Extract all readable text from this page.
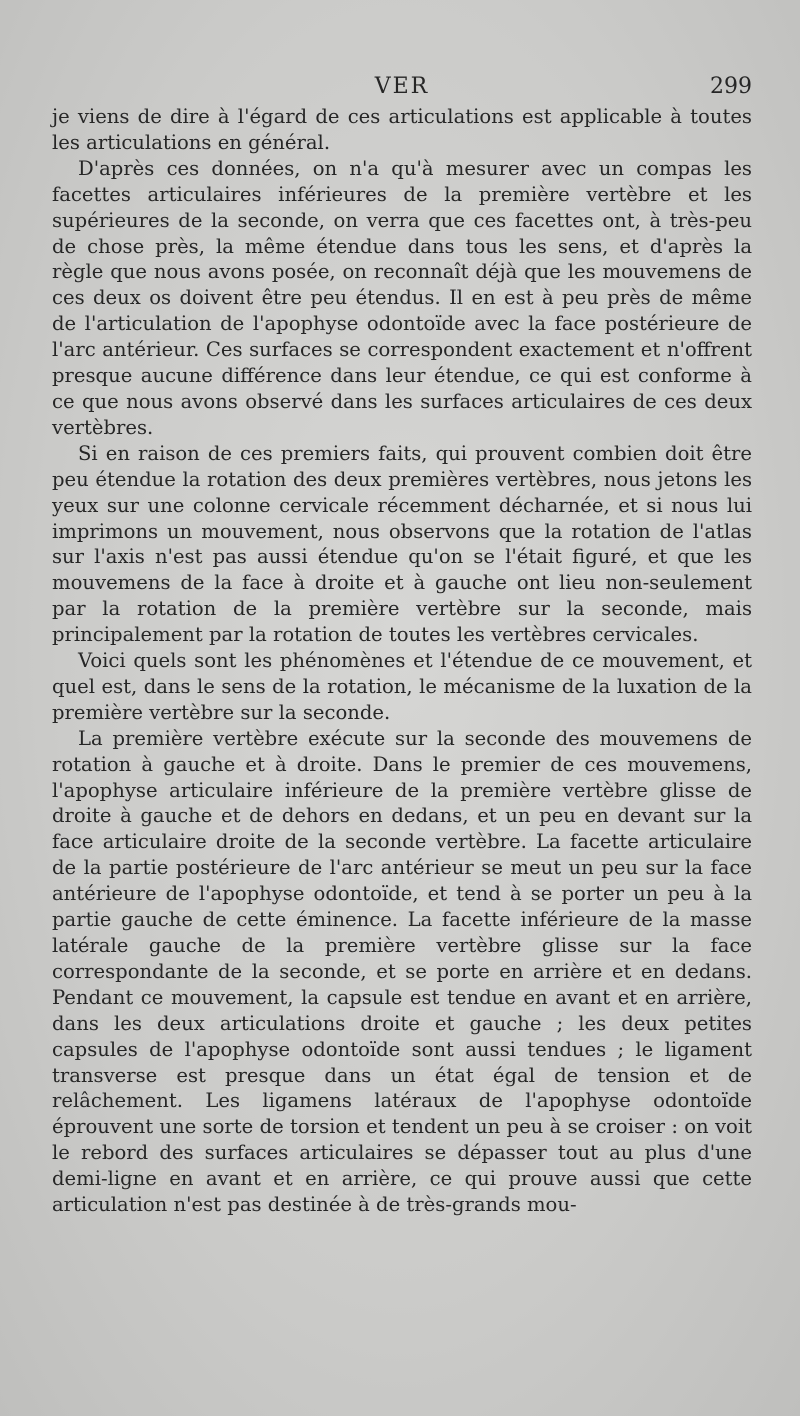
VER	299

je viens de dire à l'égard de ces articulations est applicable à toutes les articulations en général.

D'après ces données, on n'a qu'à mesurer avec un compas les facettes articulaires inférieures de la première vertèbre et les supérieures de la seconde, on verra que ces facettes ont, à très-peu de chose près, la même étendue dans tous les sens, et d'après la règle que nous avons posée, on reconnaît déjà que les mouvemens de ces deux os doivent être peu étendus. Il en est à peu près de même de l'articulation de l'apophyse odontoïde avec la face postérieure de l'arc antérieur. Ces surfaces se correspondent exactement et n'offrent presque aucune différence dans leur étendue, ce qui est conforme à ce que nous avons observé dans les surfaces articulaires de ces deux vertèbres.

Si en raison de ces premiers faits, qui prouvent combien doit être peu étendue la rotation des deux premières vertèbres, nous jetons les yeux sur une colonne cervicale récemment décharnée, et si nous lui imprimons un mouvement, nous observons que la rotation de l'atlas sur l'axis n'est pas aussi étendue qu'on se l'était figuré, et que les mouvemens de la face à droite et à gauche ont lieu non-seulement par la rotation de la première vertèbre sur la seconde, mais principalement par la rotation de toutes les vertèbres cervicales.

Voici quels sont les phénomènes et l'étendue de ce mouvement, et quel est, dans le sens de la rotation, le mécanisme de la luxation de la première vertèbre sur la seconde.

La première vertèbre exécute sur la seconde des mouvemens de rotation à gauche et à droite. Dans le premier de ces mouvemens, l'apophyse articulaire inférieure de la première vertèbre glisse de droite à gauche et de dehors en dedans, et un peu en devant sur la face articulaire droite de la seconde vertèbre. La facette articulaire de la partie postérieure de l'arc antérieur se meut un peu sur la face antérieure de l'apophyse odontoïde, et tend à se porter un peu à la partie gauche de cette éminence. La facette inférieure de la masse latérale gauche de la première vertèbre glisse sur la face correspondante de la seconde, et se porte en arrière et en dedans. Pendant ce mouvement, la capsule est tendue en avant et en arrière, dans les deux articulations droite et gauche ; les deux petites capsules de l'apophyse odontoïde sont aussi tendues ; le ligament transverse est presque dans un état égal de tension et de relâchement. Les ligamens latéraux de l'apophyse odontoïde éprouvent une sorte de torsion et tendent un peu à se croiser : on voit le rebord des surfaces articulaires se dépasser tout au plus d'une demi-ligne en avant et en arrière, ce qui prouve aussi que cette articulation n'est pas destinée à de très-grands mou-
